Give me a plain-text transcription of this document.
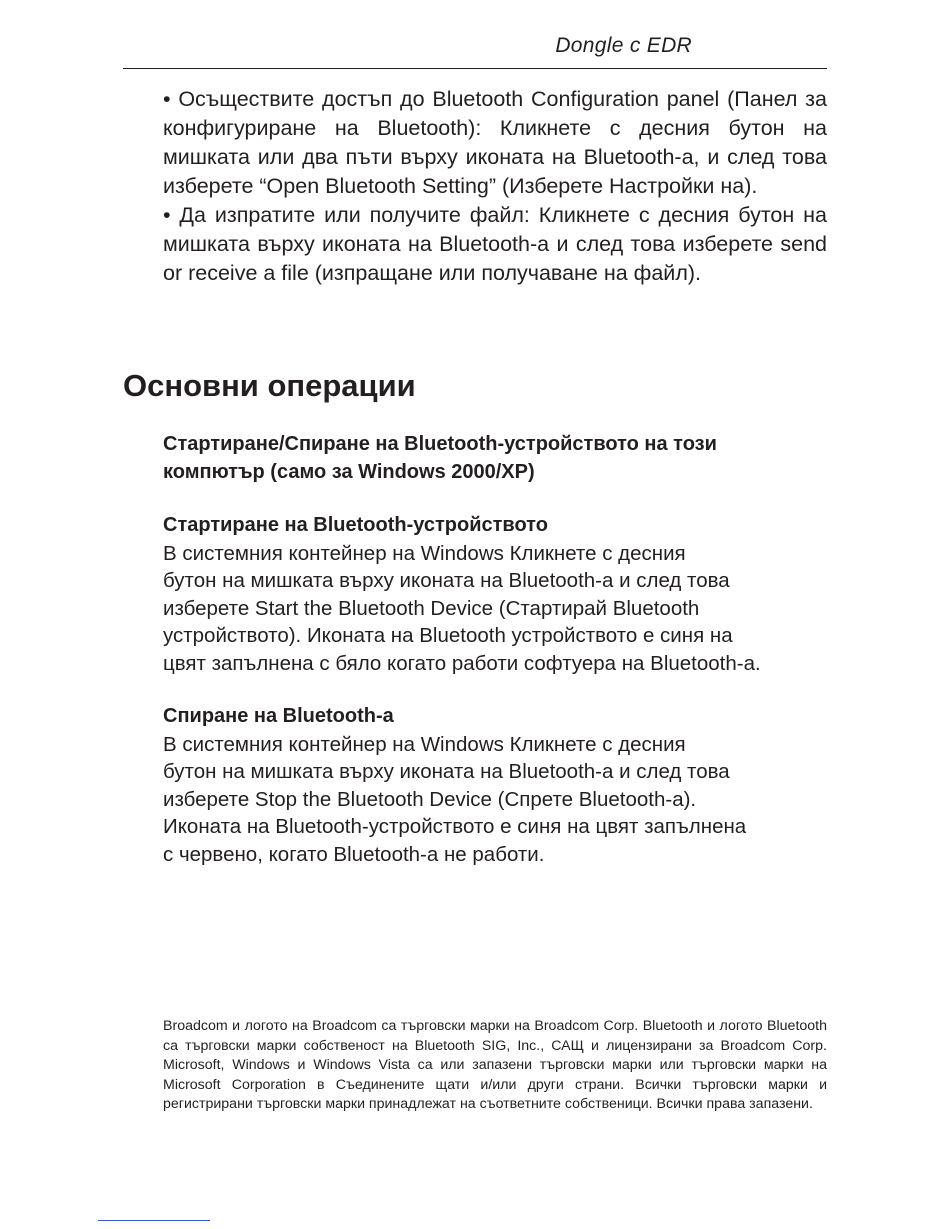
Dongle с EDR

• Осъществите достъп до Bluetooth Configuration panel (Панел за конфигуриране на Bluetooth): Кликнете с десния бутон на мишката или два пъти върху иконата на Bluetooth-а, и след това изберете “Open Bluetooth Setting” (Изберете Настройки на).

• Да изпратите или получите файл: Кликнете с десния бутон на мишката върху иконата на Bluetooth-а и след това изберете send or receive a file (изпращане или получаване на файл).

Основни операции
Стартиране/Спиране на Bluetooth-устройството на този
компютър (само за Windows 2000/XP)
Стартиране на Bluetooth-устройството
В системния контейнер на Windows Кликнете с десния
бутон на мишката върху иконата на Bluetooth-а и след това
изберете Start the Bluetooth Device (Стартирай Bluetooth
устройството). Иконата на Bluetooth устройството е синя на
цвят запълнена с бяло когато работи софтуера на Bluetooth-а.
Спиране на Bluetooth-а
В системния контейнер на Windows Кликнете с десния
бутон на мишката върху иконата на Bluetooth-а и след това
изберете Stop the Bluetooth Device (Спрете Bluetooth-а).
Иконата на Bluetooth-устройството е синя на цвят запълнена
с червено, когато Bluetooth-а не работи.

Broadcom и логото на Broadcom са търговски марки на Broadcom Corp. Bluetooth и логото Bluetooth са търговски марки собственост на Bluetooth SIG, Inc., САЩ и лицензирани за Broadcom Corp. Microsoft, Windows и Windows Vista са или запазени търговски марки или търговски марки на Microsoft Corporation в Съединените щати и/или други страни. Всички търговски марки и регистрирани търговски марки принадлежат на съответните собственици. Всички права запазени.
